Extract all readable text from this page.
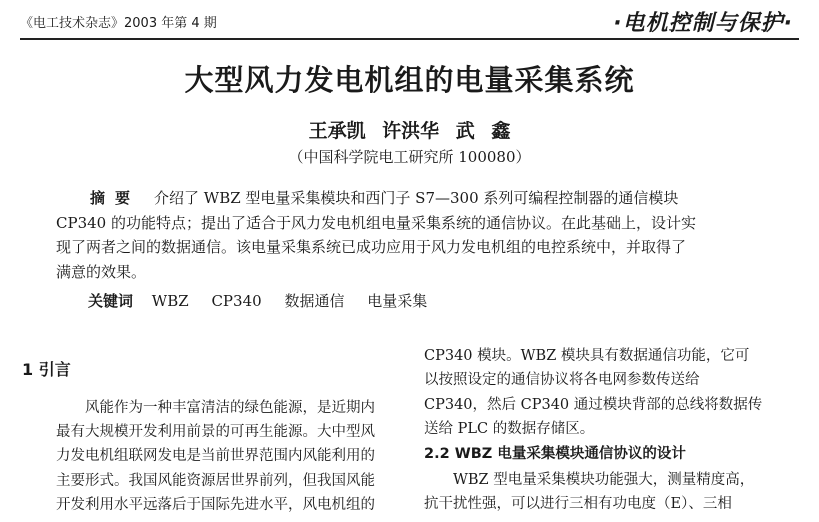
《电工技术杂志》2003 年第 4 期	·电机控制与保护·
大型风力发电机组的电量采集系统
王承凯 许洪华 武 鑫
（中国科学院电工研究所 100080）
摘要 介绍了 WBZ 型电量采集模块和西门子 S7—300 系列可编程控制器的通信模块
CP340 的功能特点；提出了适合于风力发电机组电量采集系统的通信协议。在此基础上，设计实
现了两者之间的数据通信。该电量采集系统已成功应用于风力发电机组的电控系统中，并取得了
满意的效果。
关键词 WBZ CP340 数据通信 电量采集
1 引言
　　风能作为一种丰富清洁的绿色能源，是近期内
最有大规模开发利用前景的可再生能源。大中型风
力发电机组联网发电是当前世界范围内风能利用的
主要形式。我国风能资源居世界前列，但我国风能
开发利用水平远落后于国际先进水平，风电机组的
CP340 模块。WBZ 模块具有数据通信功能，它可
以按照设定的通信协议将各电网参数传送给
CP340，然后 CP340 通过模块背部的总线将数据传
送给 PLC 的数据存储区。
2.2 WBZ 电量采集模块通信协议的设计
　　WBZ 型电量采集模块功能强大，测量精度高，
抗干扰性强，可以进行三相有功电度（E）、三相
